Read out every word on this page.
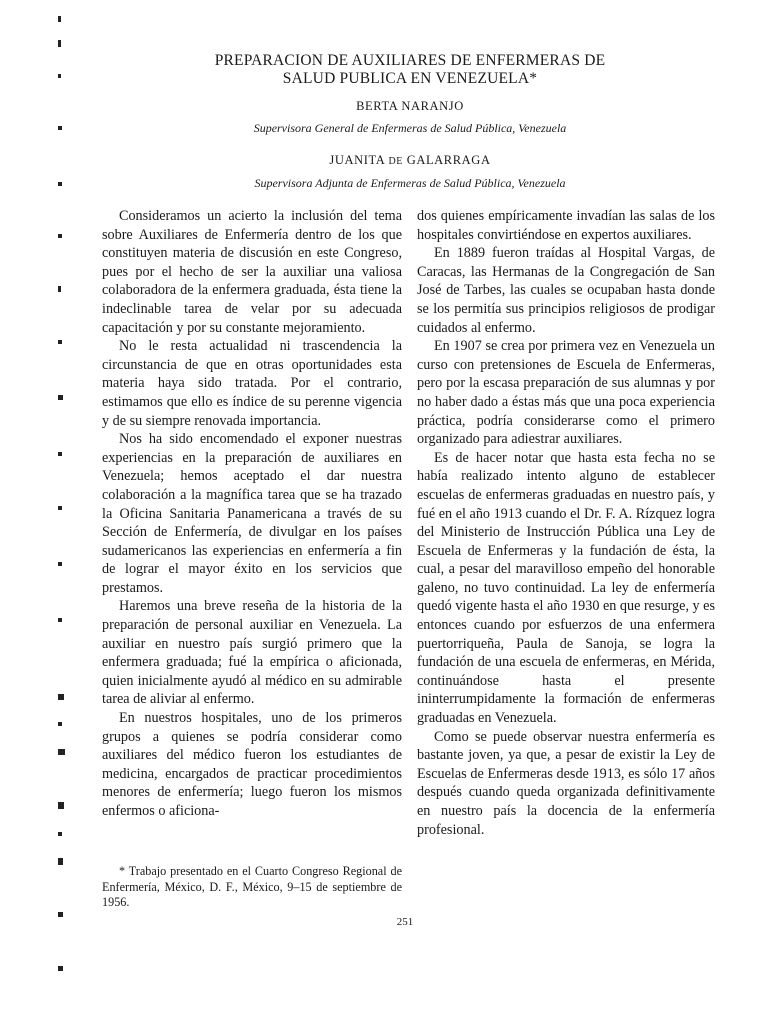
PREPARACION DE AUXILIARES DE ENFERMERAS DE
SALUD PUBLICA EN VENEZUELA*
BERTA NARANJO
Supervisora General de Enfermeras de Salud Pública, Venezuela
JUANITA DE GALARRAGA
Supervisora Adjunta de Enfermeras de Salud Pública, Venezuela

Consideramos un acierto la inclusión del tema sobre Auxiliares de Enfermería dentro de los que constituyen materia de discusión en este Congreso, pues por el hecho de ser la auxiliar una valiosa colaboradora de la enfermera graduada, ésta tiene la indeclinable tarea de velar por su adecuada capacitación y por su constante mejoramiento.

No le resta actualidad ni trascendencia la circunstancia de que en otras oportunidades esta materia haya sido tratada. Por el contrario, estimamos que ello es índice de su perenne vigencia y de su siempre renovada importancia.

Nos ha sido encomendado el exponer nuestras experiencias en la preparación de auxiliares en Venezuela; hemos aceptado el dar nuestra colaboración a la magnífica tarea que se ha trazado la Oficina Sanitaria Panamericana a través de su Sección de Enfermería, de divulgar en los países sudamericanos las experiencias en enfermería a fin de lograr el mayor éxito en los servicios que prestamos.

Haremos una breve reseña de la historia de la preparación de personal auxiliar en Venezuela. La auxiliar en nuestro país surgió primero que la enfermera graduada; fué la empírica o aficionada, quien inicialmente ayudó al médico en su admirable tarea de aliviar al enfermo.

En nuestros hospitales, uno de los primeros grupos a quienes se podría considerar como auxiliares del médico fueron los estudiantes de medicina, encargados de practicar procedimientos menores de enfermería; luego fueron los mismos enfermos o aficiona-

dos quienes empíricamente invadían las salas de los hospitales convirtiéndose en expertos auxiliares.

En 1889 fueron traídas al Hospital Vargas, de Caracas, las Hermanas de la Congregación de San José de Tarbes, las cuales se ocupaban hasta donde se los permitía sus principios religiosos de prodigar cuidados al enfermo.

En 1907 se crea por primera vez en Venezuela un curso con pretensiones de Escuela de Enfermeras, pero por la escasa preparación de sus alumnas y por no haber dado a éstas más que una poca experiencia práctica, podría considerarse como el primero organizado para adiestrar auxiliares.

Es de hacer notar que hasta esta fecha no se había realizado intento alguno de establecer escuelas de enfermeras graduadas en nuestro país, y fué en el año 1913 cuando el Dr. F. A. Rízquez logra del Ministerio de Instrucción Pública una Ley de Escuela de Enfermeras y la fundación de ésta, la cual, a pesar del maravilloso empeño del honorable galeno, no tuvo continuidad. La ley de enfermería quedó vigente hasta el año 1930 en que resurge, y es entonces cuando por esfuerzos de una enfermera puertorriqueña, Paula de Sanoja, se logra la fundación de una escuela de enfermeras, en Mérida, continuándose hasta el presente ininterrumpidamente la formación de enfermeras graduadas en Venezuela.

Como se puede observar nuestra enfermería es bastante joven, ya que, a pesar de existir la Ley de Escuelas de Enfermeras desde 1913, es sólo 17 años después cuando queda organizada definitivamente en nuestro país la docencia de la enfermería profesional.

* Trabajo presentado en el Cuarto Congreso Regional de Enfermería, México, D. F., México, 9–15 de septiembre de 1956.

251
